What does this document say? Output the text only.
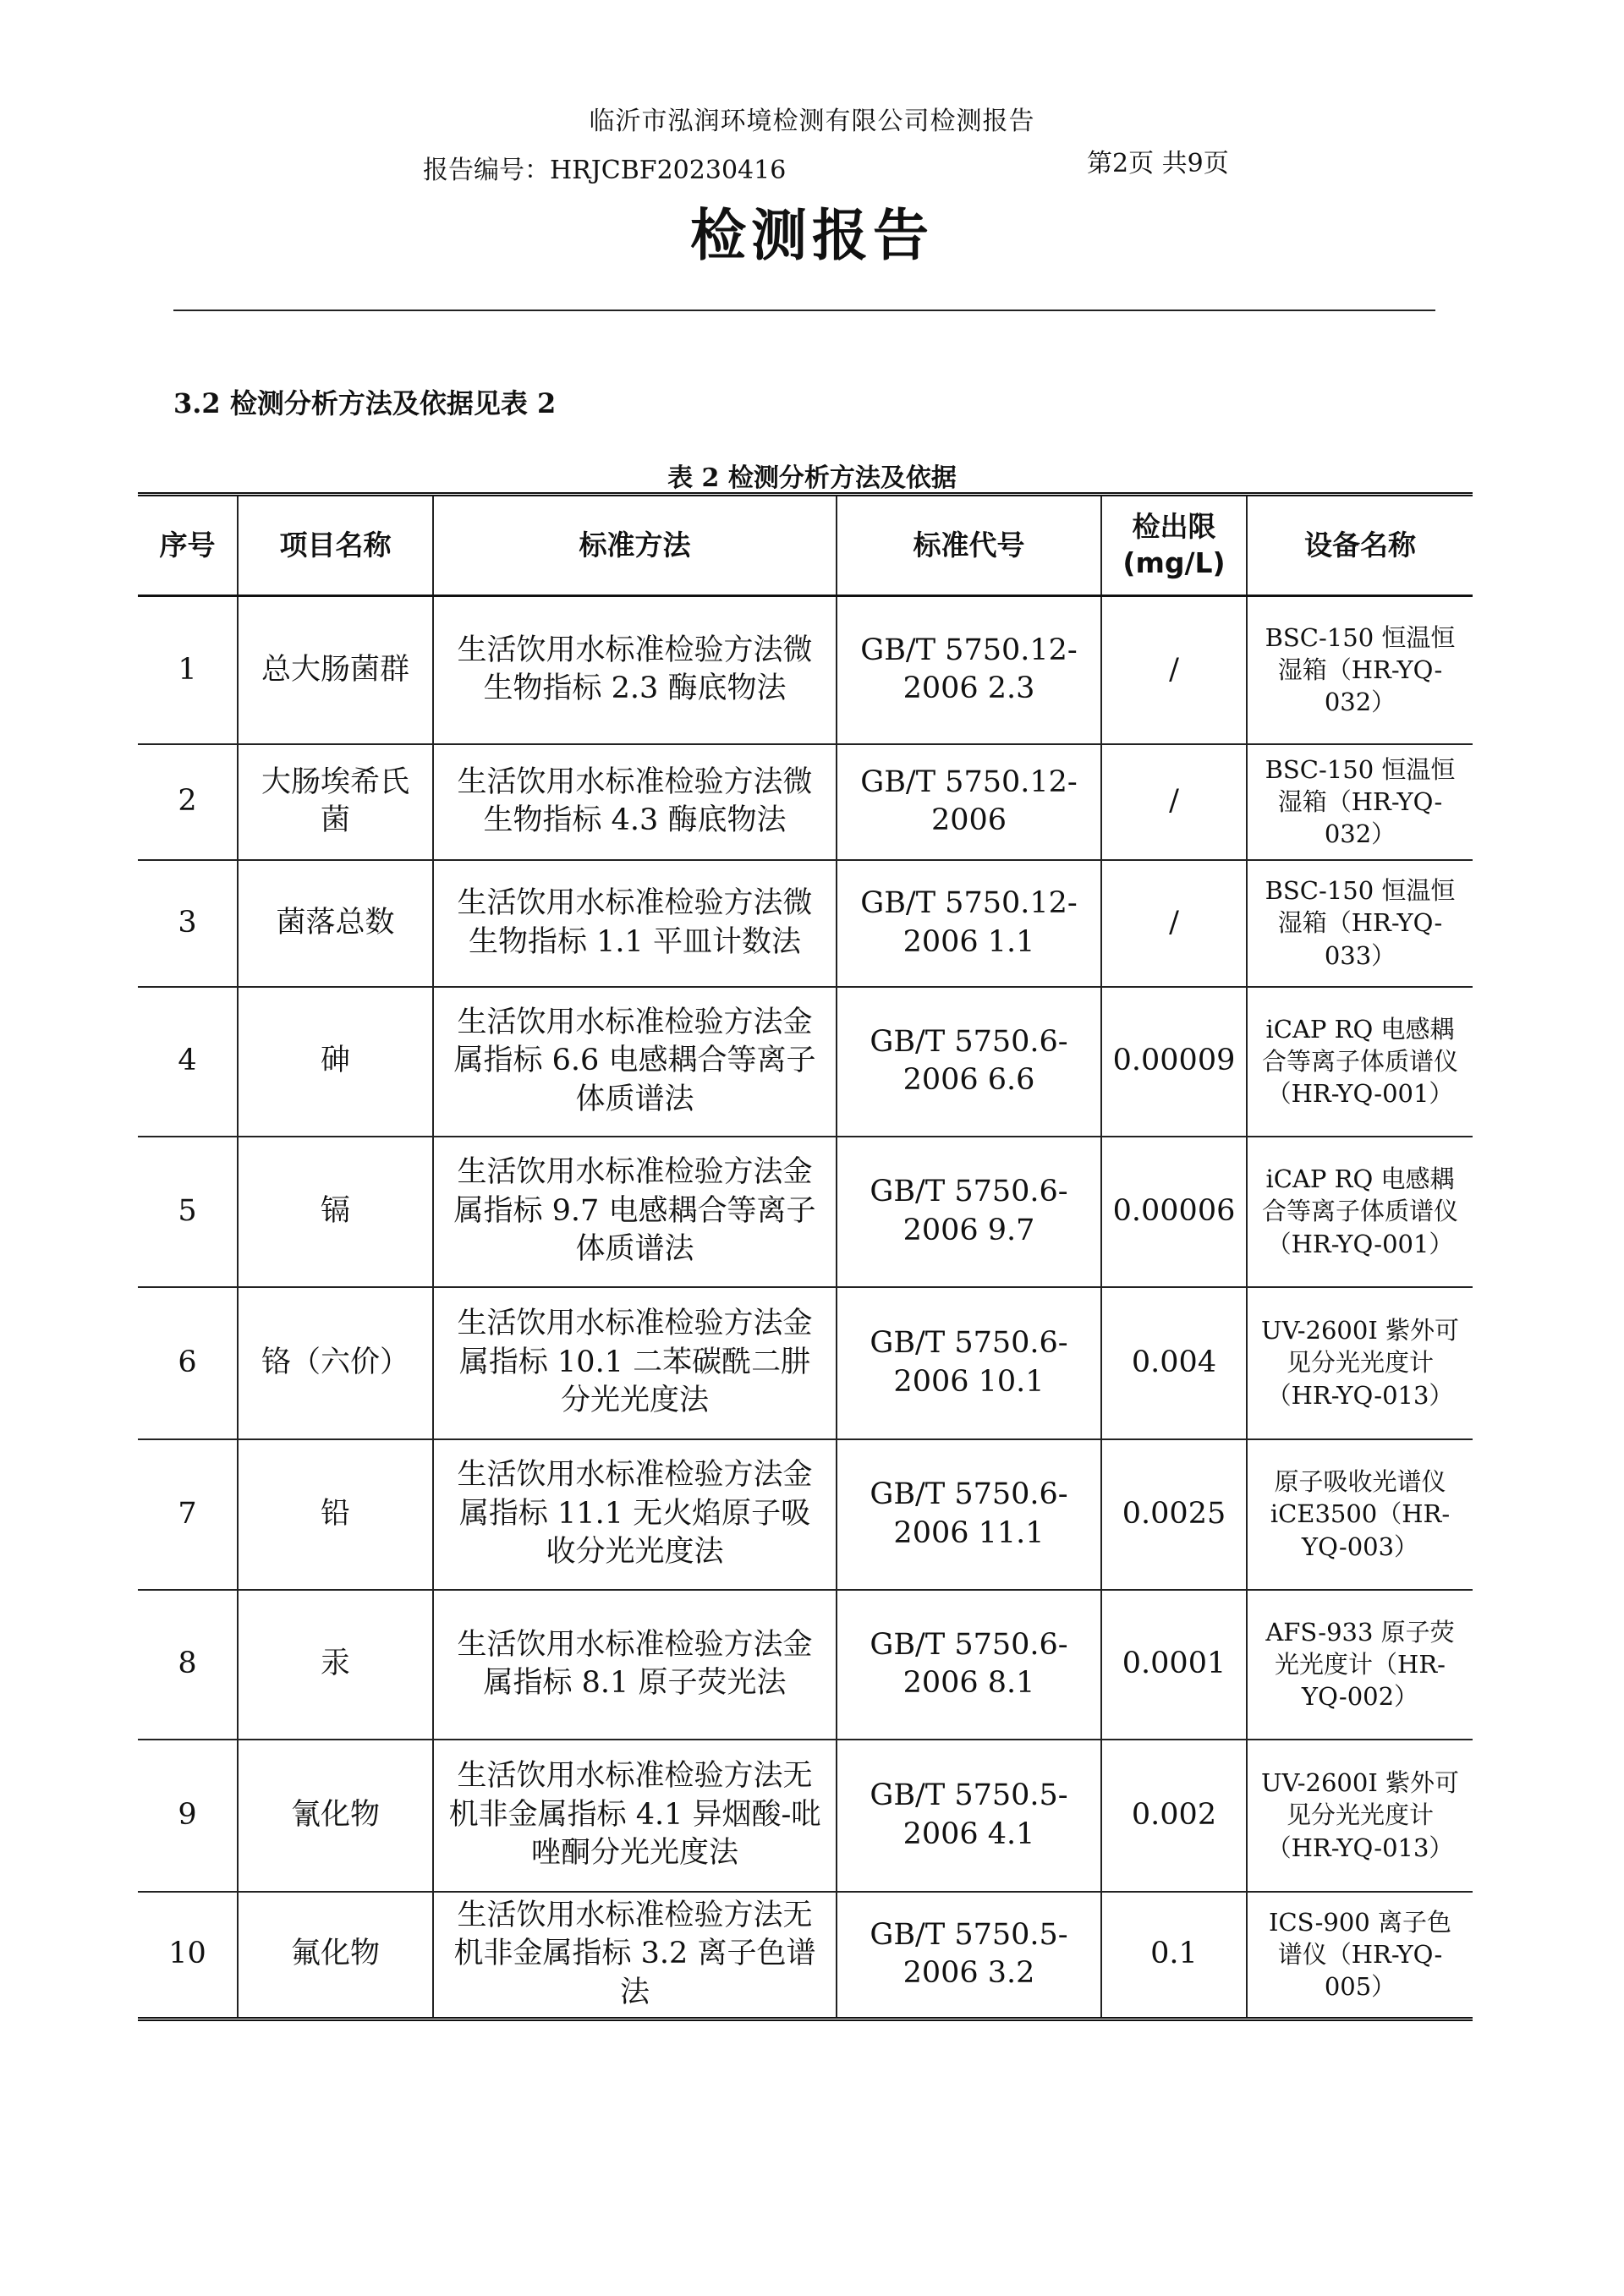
临沂市泓润环境检测有限公司检测报告
报告编号：HRJCBF20230416	第2页 共9页
检测报告
3.2 检测分析方法及依据见表 2
表 2 检测分析方法及依据
序号	项目名称	标准方法	标准代号	检出限(mg/L)	设备名称
1	总大肠菌群	生活饮用水标准检验方法微生物指标 2.3 酶底物法	GB/T 5750.12-2006 2.3	/	BSC-150 恒温恒湿箱（HR-YQ-032）
2	大肠埃希氏菌	生活饮用水标准检验方法微生物指标 4.3 酶底物法	GB/T 5750.12-2006	/	BSC-150 恒温恒湿箱（HR-YQ-032）
3	菌落总数	生活饮用水标准检验方法微生物指标 1.1 平皿计数法	GB/T 5750.12-2006 1.1	/	BSC-150 恒温恒湿箱（HR-YQ-033）
4	砷	生活饮用水标准检验方法金属指标 6.6 电感耦合等离子体质谱法	GB/T 5750.6-2006 6.6	0.00009	iCAP RQ 电感耦合等离子体质谱仪（HR-YQ-001）
5	镉	生活饮用水标准检验方法金属指标 9.7 电感耦合等离子体质谱法	GB/T 5750.6-2006 9.7	0.00006	iCAP RQ 电感耦合等离子体质谱仪（HR-YQ-001）
6	铬（六价）	生活饮用水标准检验方法金属指标 10.1 二苯碳酰二肼分光光度法	GB/T 5750.6-2006 10.1	0.004	UV-2600I 紫外可见分光光度计（HR-YQ-013）
7	铅	生活饮用水标准检验方法金属指标 11.1 无火焰原子吸收分光光度法	GB/T 5750.6-2006 11.1	0.0025	原子吸收光谱仪 iCE3500（HR-YQ-003）
8	汞	生活饮用水标准检验方法金属指标 8.1 原子荧光法	GB/T 5750.6-2006 8.1	0.0001	AFS-933 原子荧光光度计（HR-YQ-002）
9	氰化物	生活饮用水标准检验方法无机非金属指标 4.1 异烟酸-吡唑酮分光光度法	GB/T 5750.5-2006 4.1	0.002	UV-2600I 紫外可见分光光度计（HR-YQ-013）
10	氟化物	生活饮用水标准检验方法无机非金属指标 3.2 离子色谱法	GB/T 5750.5-2006 3.2	0.1	ICS-900 离子色谱仪（HR-YQ-005）
